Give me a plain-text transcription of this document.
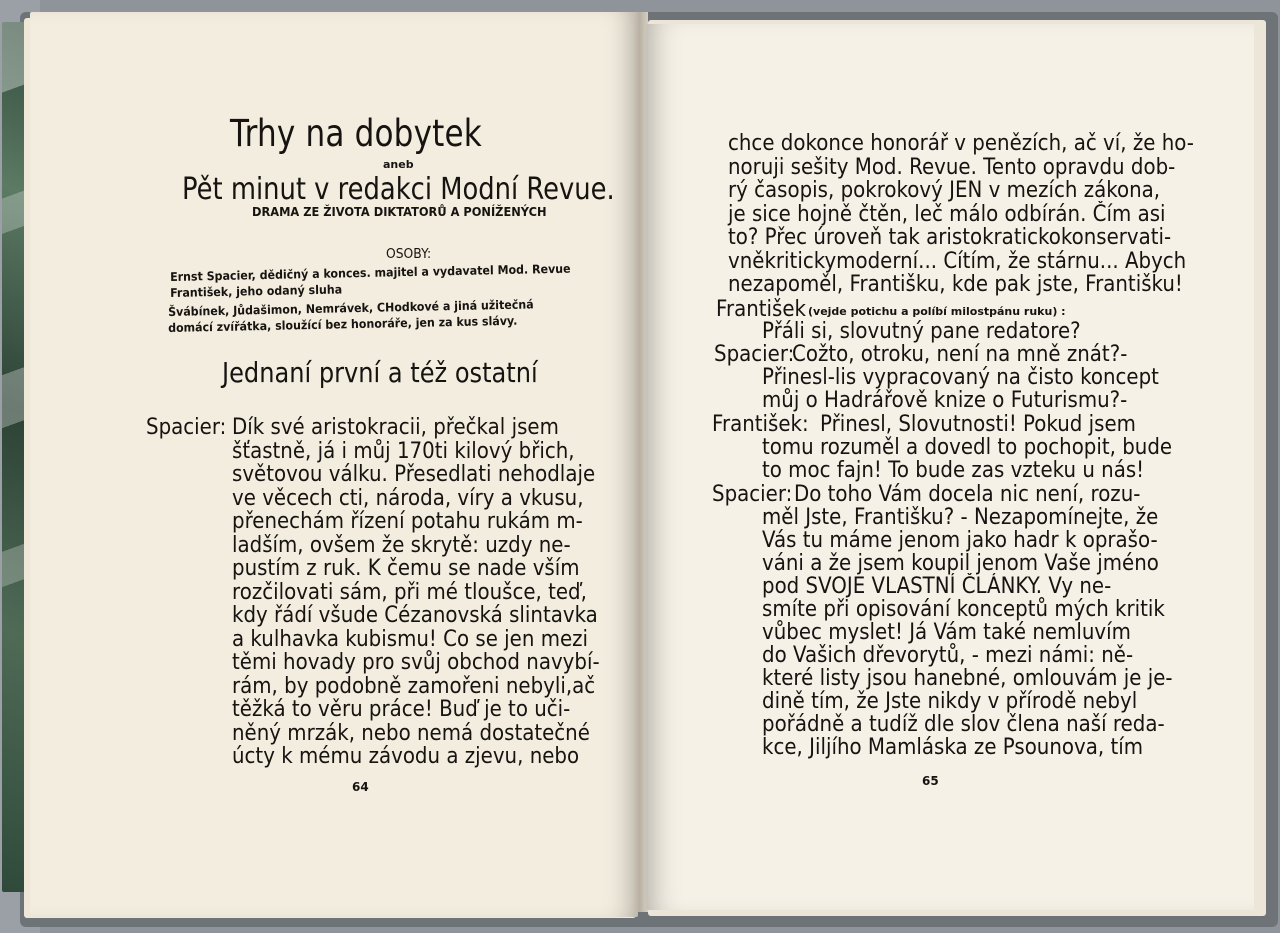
Trhy na dobytek
aneb
Pět minut v redakci Modní Revue.
DRAMA ZE ŽIVOTA DIKTATORŮ A PONÍŽENÝCH
OSOBY:
Ernst Spacier, dědičný a konces. majitel a vydavatel Mod. Revue
František, jeho odaný sluha
Švábínek, Jůdašimon, Nemrávek, CHodkové a jiná užitečná
domácí zvířátka, sloužící bez honoráře, jen za kus slávy.
Jednaní první a též ostatní
Spacier: Dík své aristokracii, přečkal jsem
šťastně, já i můj 170ti kilový břich,
světovou válku. Přesedlati nehodlaje
ve věcech cti, národa, víry a vkusu,
přenechám řízení potahu rukám m-
ladším, ovšem že skrytě: uzdy ne-
pustím z ruk. K čemu se nade vším
rozčilovati sám, při mé tloušce, teď,
kdy řádí všude Cézanovská slintavka
a kulhavka kubismu! Co se jen mezi
těmi hovady pro svůj obchod navybí-
rám, by podobně zamořeni nebyli,ač
těžká to věru práce! Buď je to uči-
něný mrzák, nebo nemá dostatečné
úcty k mému závodu a zjevu, nebo
64
chce dokonce honorář v penězích, ač ví, že ho-
noruji sešity Mod. Revue. Tento opravdu dob-
rý časopis, pokrokový JEN v mezích zákona,
je sice hojně čtěn, leč málo odbírán. Čím asi
to? Přec úroveň tak aristokratickokonservati-
vněkritickymoderní... Cítím, že stárnu... Abych
nezapoměl, Františku, kde pak jste, Františku!
František (vejde potichu a políbí milostpánu ruku) :
Přáli si, slovutný pane redatore?
Spacier:
Cožto, otroku, není na mně znát?-
Přinesl-lis vypracovaný na čisto koncept
můj o Hadrářově knize o Futurismu?-
František: Přinesl, Slovutnosti! Pokud jsem
tomu rozuměl a dovedl to pochopit, bude
to moc fajn! To bude zas vzteku u nás!
Spacier: Do toho Vám docela nic není, rozu-
měl Jste, Františku? - Nezapomínejte, že
Vás tu máme jenom jako hadr k oprašo-
váni a že jsem koupil jenom Vaše jméno
pod SVOJE VLASTNÍ ČLÁNKY. Vy ne-
smíte při opisování konceptů mých kritik
vůbec myslet! Já Vám také nemluvím
do Vašich dřevorytů, - mezi námi: ně-
které listy jsou hanebné, omlouvám je je-
dině tím, že Jste nikdy v přírodě nebyl
pořádně a tudíž dle slov člena naší reda-
kce, Jiljího Mamláska ze Psounova, tím
65
